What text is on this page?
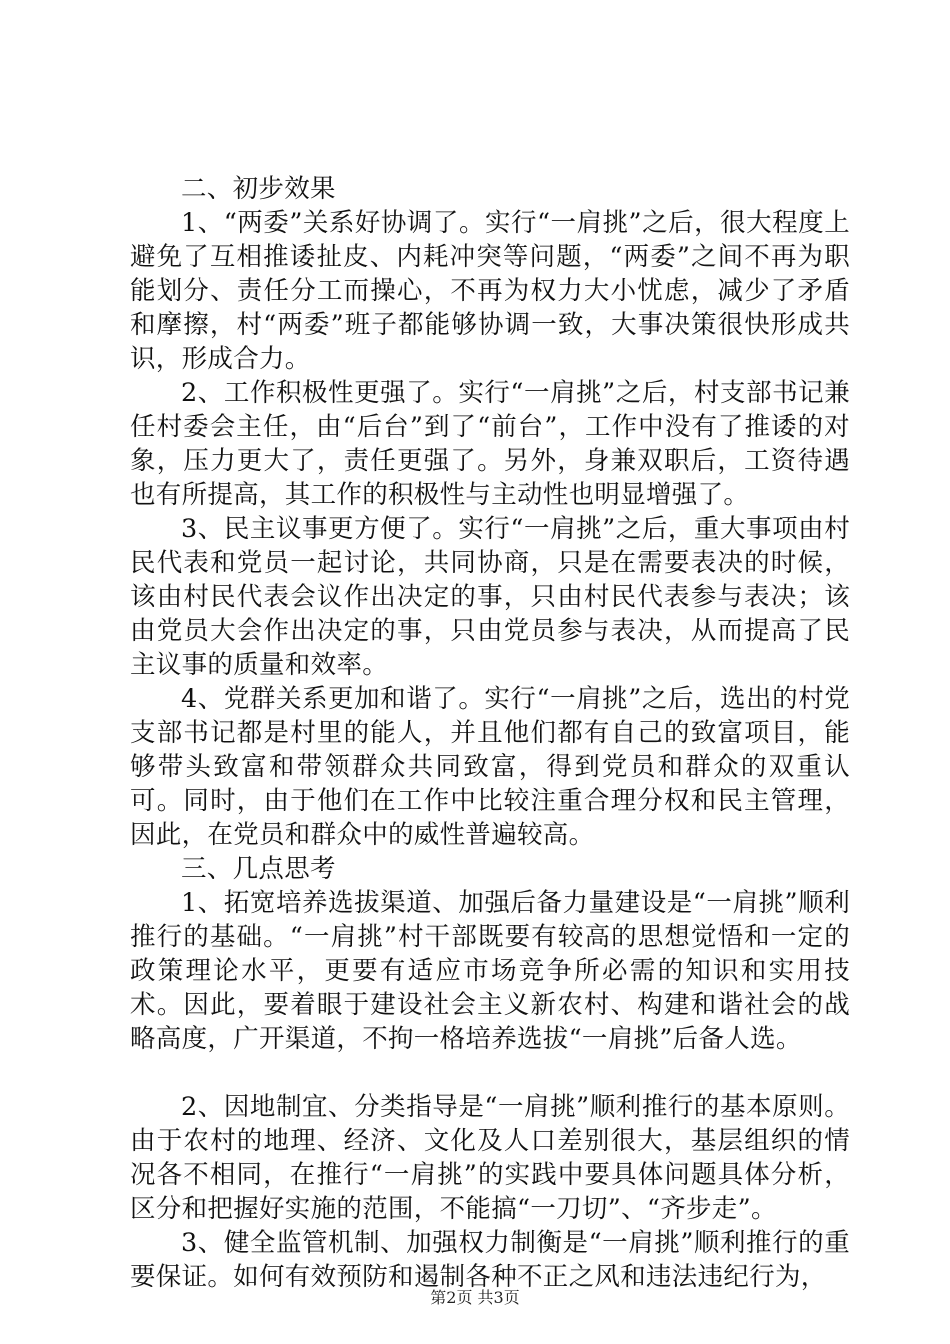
二、初步效果

1、“两委”关系好协调了。实行“一肩挑”之后，很大程度上避免了互相推诿扯皮、内耗冲突等问题，“两委”之间不再为职能划分、责任分工而操心，不再为权力大小忧虑，减少了矛盾和摩擦，村“两委”班子都能够协调一致，大事决策很快形成共识，形成合力。

2、工作积极性更强了。实行“一肩挑”之后，村支部书记兼任村委会主任，由“后台”到了“前台”，工作中没有了推诿的对象，压力更大了，责任更强了。另外，身兼双职后，工资待遇也有所提高，其工作的积极性与主动性也明显增强了。

3、民主议事更方便了。实行“一肩挑”之后，重大事项由村民代表和党员一起讨论，共同协商，只是在需要表决的时候，该由村民代表会议作出决定的事，只由村民代表参与表决；该由党员大会作出决定的事，只由党员参与表决，从而提高了民主议事的质量和效率。

4、党群关系更加和谐了。实行“一肩挑”之后，选出的村党支部书记都是村里的能人，并且他们都有自己的致富项目，能够带头致富和带领群众共同致富，得到党员和群众的双重认可。同时，由于他们在工作中比较注重合理分权和民主管理，因此，在党员和群众中的威性普遍较高。

三、几点思考

1、拓宽培养选拔渠道、加强后备力量建设是“一肩挑”顺利推行的基础。“一肩挑”村干部既要有较高的思想觉悟和一定的政策理论水平，更要有适应市场竞争所必需的知识和实用技术。因此，要着眼于建设社会主义新农村、构建和谐社会的战略高度，广开渠道，不拘一格培养选拔“一肩挑”后备人选。

2、因地制宜、分类指导是“一肩挑”顺利推行的基本原则。由于农村的地理、经济、文化及人口差别很大，基层组织的情况各不相同，在推行“一肩挑”的实践中要具体问题具体分析，区分和把握好实施的范围，不能搞“一刀切”、“齐步走”。

3、健全监管机制、加强权力制衡是“一肩挑”顺利推行的重要保证。如何有效预防和遏制各种不正之风和违法违纪行为，

第2页 共3页
